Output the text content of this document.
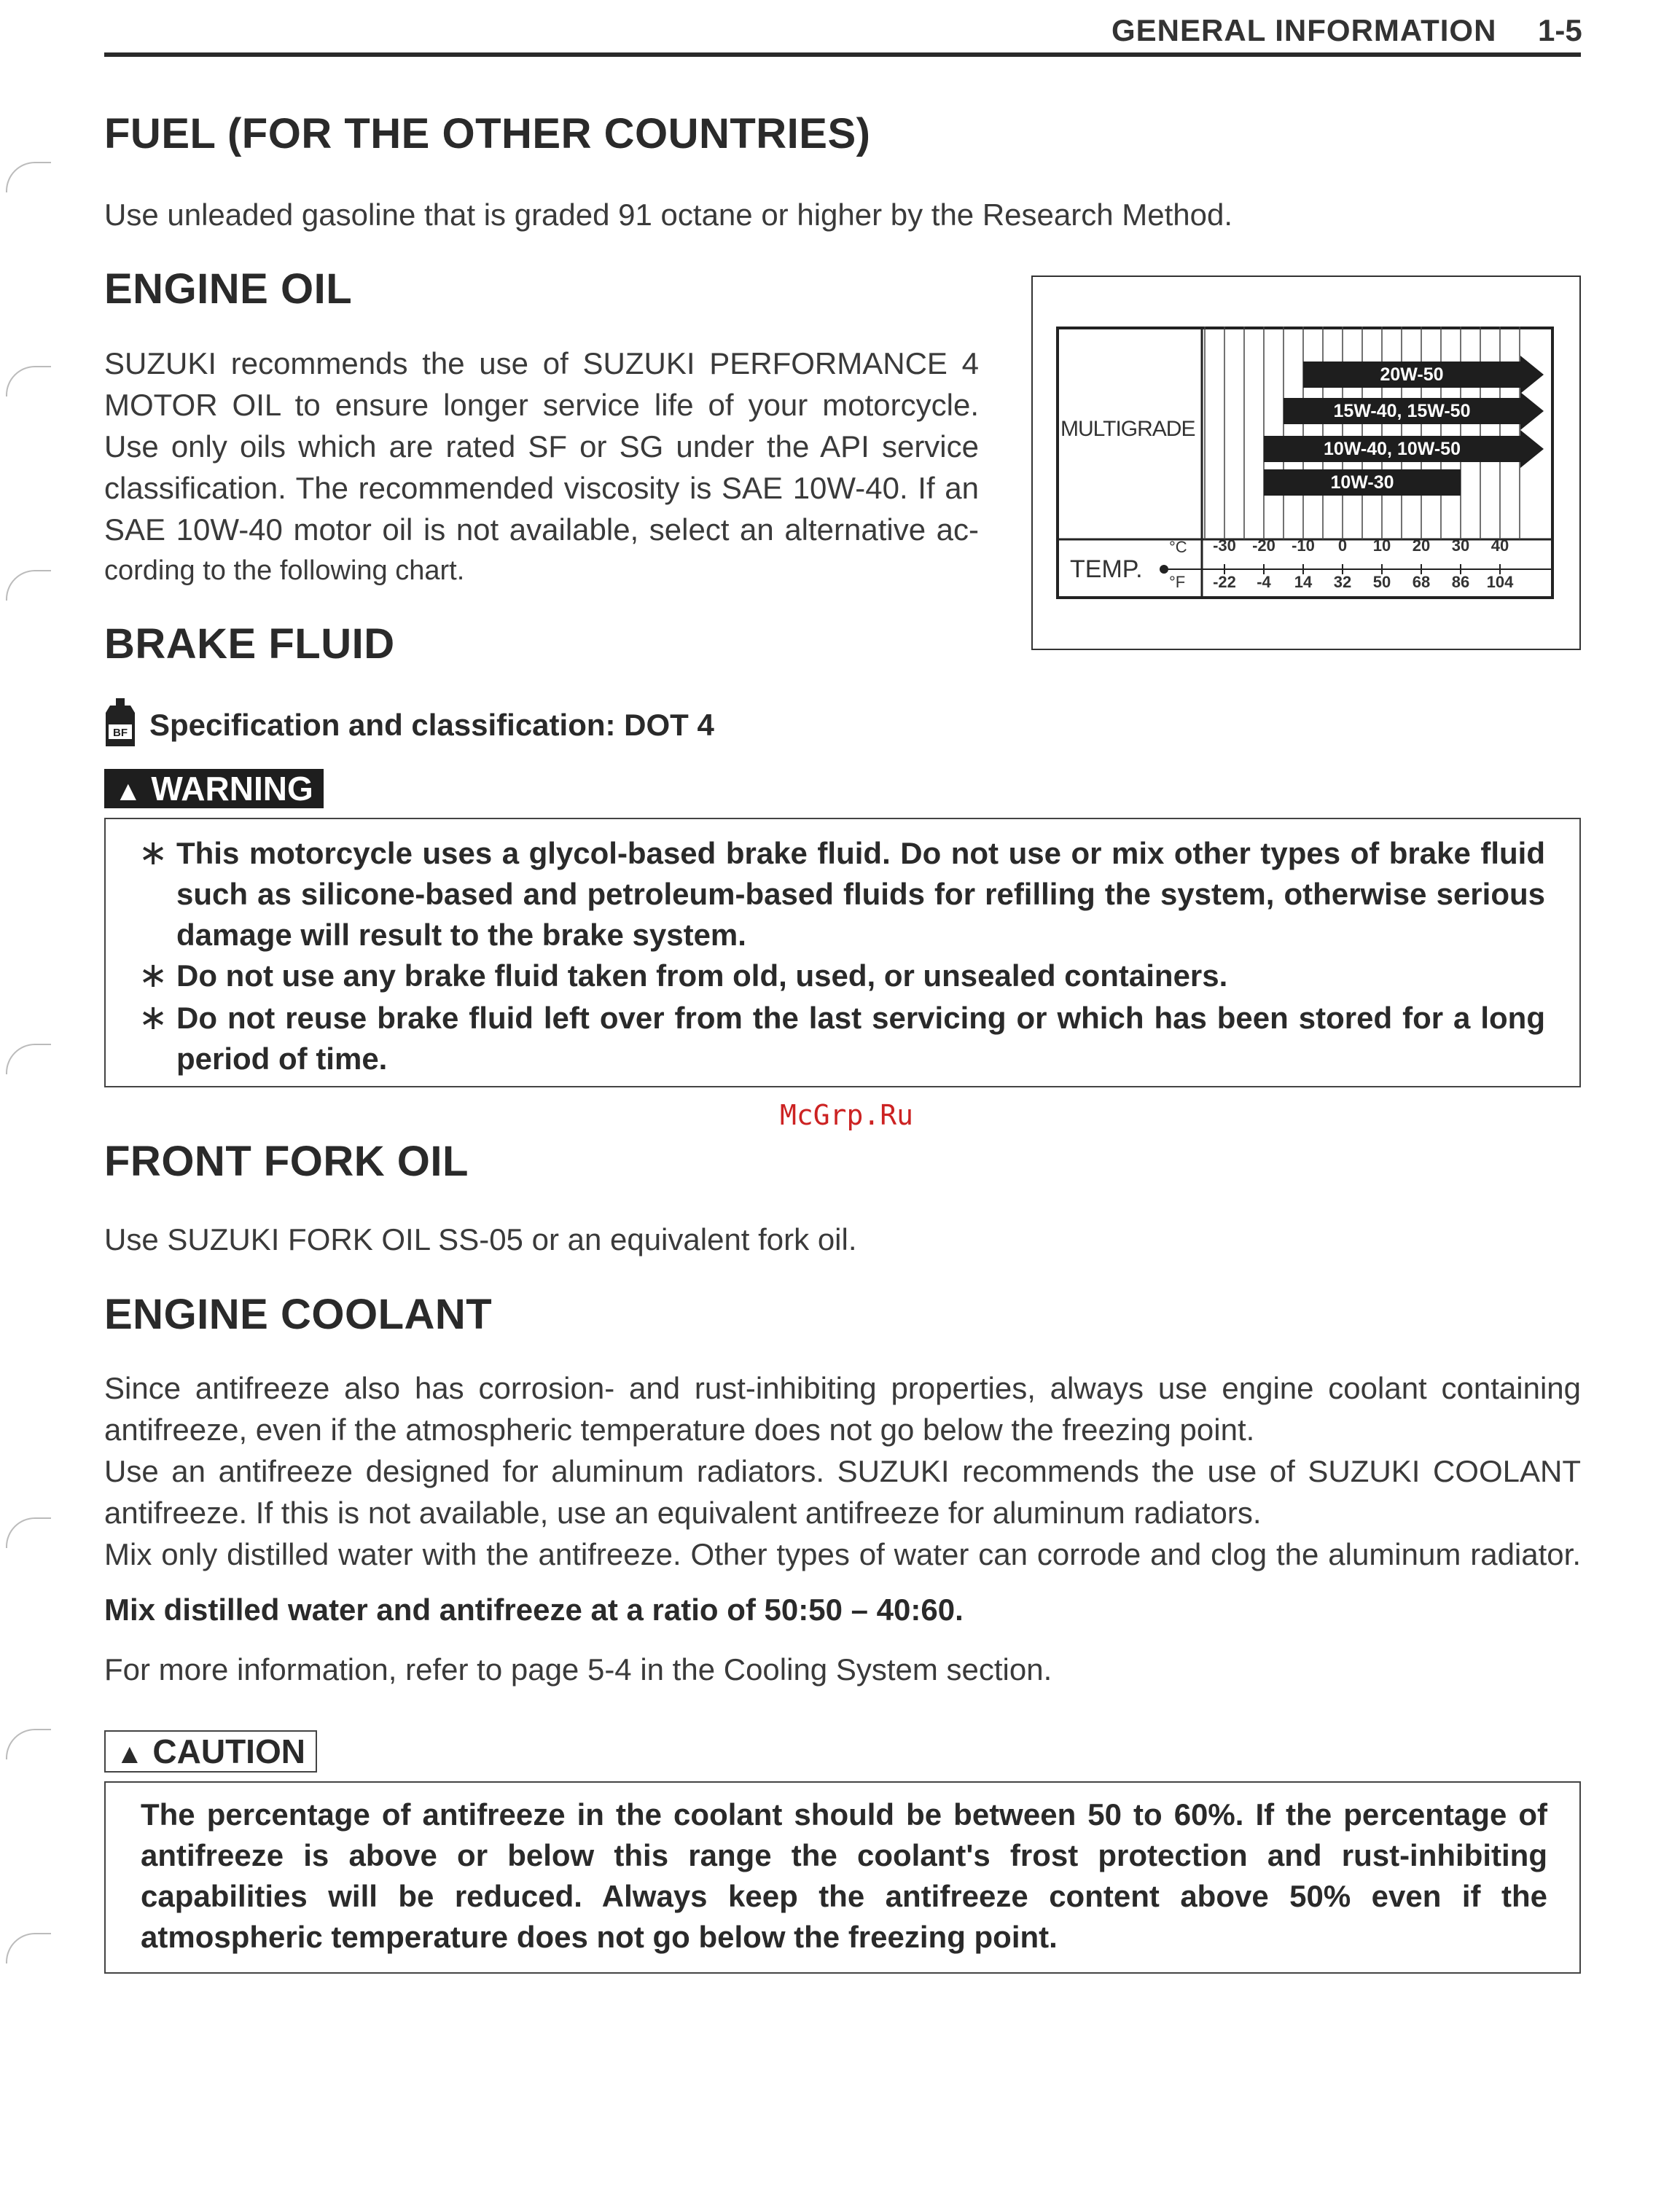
GENERAL INFORMATION 1-5
FUEL (FOR THE OTHER COUNTRIES)
Use unleaded gasoline that is graded 91 octane or higher by the Research Method.
ENGINE OIL
SUZUKI recommends the use of SUZUKI PERFORMANCE 4
MOTOR OIL to ensure longer service life of your motorcycle.
Use only oils which are rated SF or SG under the API service
classification. The recommended viscosity is SAE 10W-40. If an
SAE 10W-40 motor oil is not available, select an alternative ac-
cording to the following chart.
MULTIGRADE
TEMP.
°C
°F
-30	-20	-10	0	10	20	30	40
-22	-4	14	32	50	68	86	104
20W-50
15W-40, 15W-50
10W-40, 10W-50
10W-30
BRAKE FLUID
BF Specification and classification: DOT 4
▲ WARNING
∗ This motorcycle uses a glycol-based brake fluid. Do not use or mix other types of brake fluid such as silicone-based and petroleum-based fluids for refilling the system, otherwise serious damage will result to the brake system.
∗ Do not use any brake fluid taken from old, used, or unsealed containers.
∗ Do not reuse brake fluid left over from the last servicing or which has been stored for a long period of time.
McGrp.Ru
FRONT FORK OIL
Use SUZUKI FORK OIL SS-05 or an equivalent fork oil.
ENGINE COOLANT
Since antifreeze also has corrosion- and rust-inhibiting properties, always use engine coolant containing
antifreeze, even if the atmospheric temperature does not go below the freezing point.
Use an antifreeze designed for aluminum radiators. SUZUKI recommends the use of SUZUKI COOLANT
antifreeze. If this is not available, use an equivalent antifreeze for aluminum radiators.
Mix only distilled water with the antifreeze. Other types of water can corrode and clog the aluminum radiator.
Mix distilled water and antifreeze at a ratio of 50:50 – 40:60.
For more information, refer to page 5-4 in the Cooling System section.
▲ CAUTION
The percentage of antifreeze in the coolant should be between 50 to 60%. If the percentage of antifreeze is above or below this range the coolant's frost protection and rust-inhibiting capabilities will be reduced. Always keep the antifreeze content above 50% even if the atmospheric temperature does not go below the freezing point.
